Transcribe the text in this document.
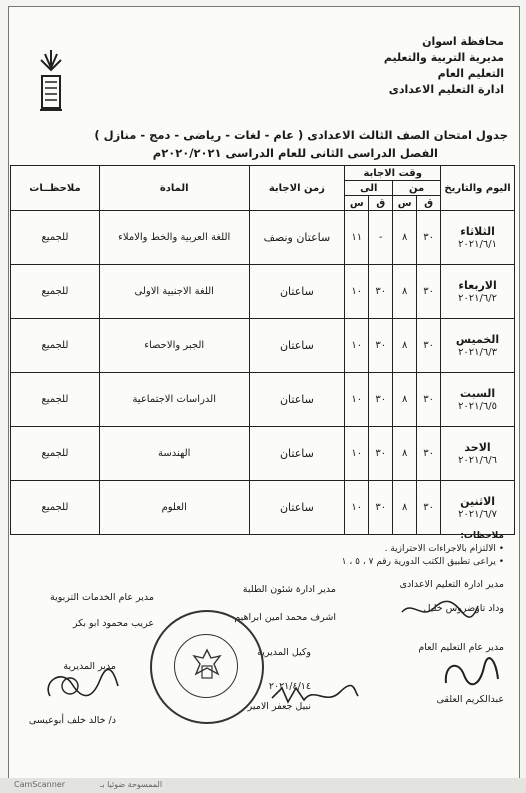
محافظة اسوان
مديرية التربية والتعليم
التعليم العام
ادارة التعليم الاعدادى
جدول امتحان الصف الثالث الاعدادى ( عام - لغات - رياضى - دمج - منازل )
الفصل الدراسى الثانى للعام الدراسى ٢٠٢٠/٢٠٢١م
اليوم والتاريخ	وقت الاجابة				زمن الاجابة	المادة	ملاحظــات
	من		الى				
	ق	س	ق	س			

الثلاثاء
٢٠٢١/٦/١	٣٠	٨	-	١١	ساعتان ونصف	اللغة العربية والخط والاملاء	للجميع

الاربعاء
٢٠٢١/٦/٢	٣٠	٨	٣٠	١٠	ساعتان	اللغة الاجنبية الاولى	للجميع

الخميس
٢٠٢١/٦/٣	٣٠	٨	٣٠	١٠	ساعتان	الجبر والاحصاء	للجميع

السبت
٢٠٢١/٦/٥	٣٠	٨	٣٠	١٠	ساعتان	الدراسات الاجتماعية	للجميع

الاحد
٢٠٢١/٦/٦	٣٠	٨	٣٠	١٠	ساعتان	الهندسة	للجميع

الاثنين
٢٠٢١/٦/٧	٣٠	٨	٣٠	١٠	ساعتان	العلوم	للجميع
ملاحظات:
• الالتزام بالاجراءات الاحترازية .
• يراعى تطبيق الكتب الدورية رقم ٧ ، ٥ ، ١
مدير ادارة التعليم الاعدادى
وداد تاوضروس خليل
مدير ادارة شئون الطلبة
اشرف محمد امين ابراهيم
مدير عام الخدمات التربوية
عريب محمود ابو بكر
مدير عام التعليم العام
عبدالكريم العلقى
وكيل المديرية
٢٠٢١/٤/١٤
نبيل جعفر الامير
مدير المديرية
د/ خالد خلف أبوعيسى
CamScanner	الممسوحة ضوئيا بـ
